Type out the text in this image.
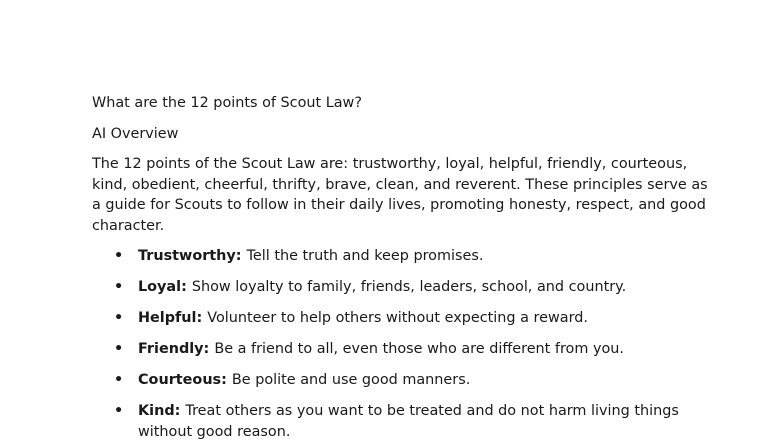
What are the 12 points of Scout Law?

AI Overview

The 12 points of the Scout Law are: trustworthy, loyal, helpful, friendly, courteous, kind, obedient, cheerful, thrifty, brave, clean, and reverent. These principles serve as a guide for Scouts to follow in their daily lives, promoting honesty, respect, and good character.

• Trustworthy: Tell the truth and keep promises.
• Loyal: Show loyalty to family, friends, leaders, school, and country.
• Helpful: Volunteer to help others without expecting a reward.
• Friendly: Be a friend to all, even those who are different from you.
• Courteous: Be polite and use good manners.
• Kind: Treat others as you want to be treated and do not harm living things without good reason.
